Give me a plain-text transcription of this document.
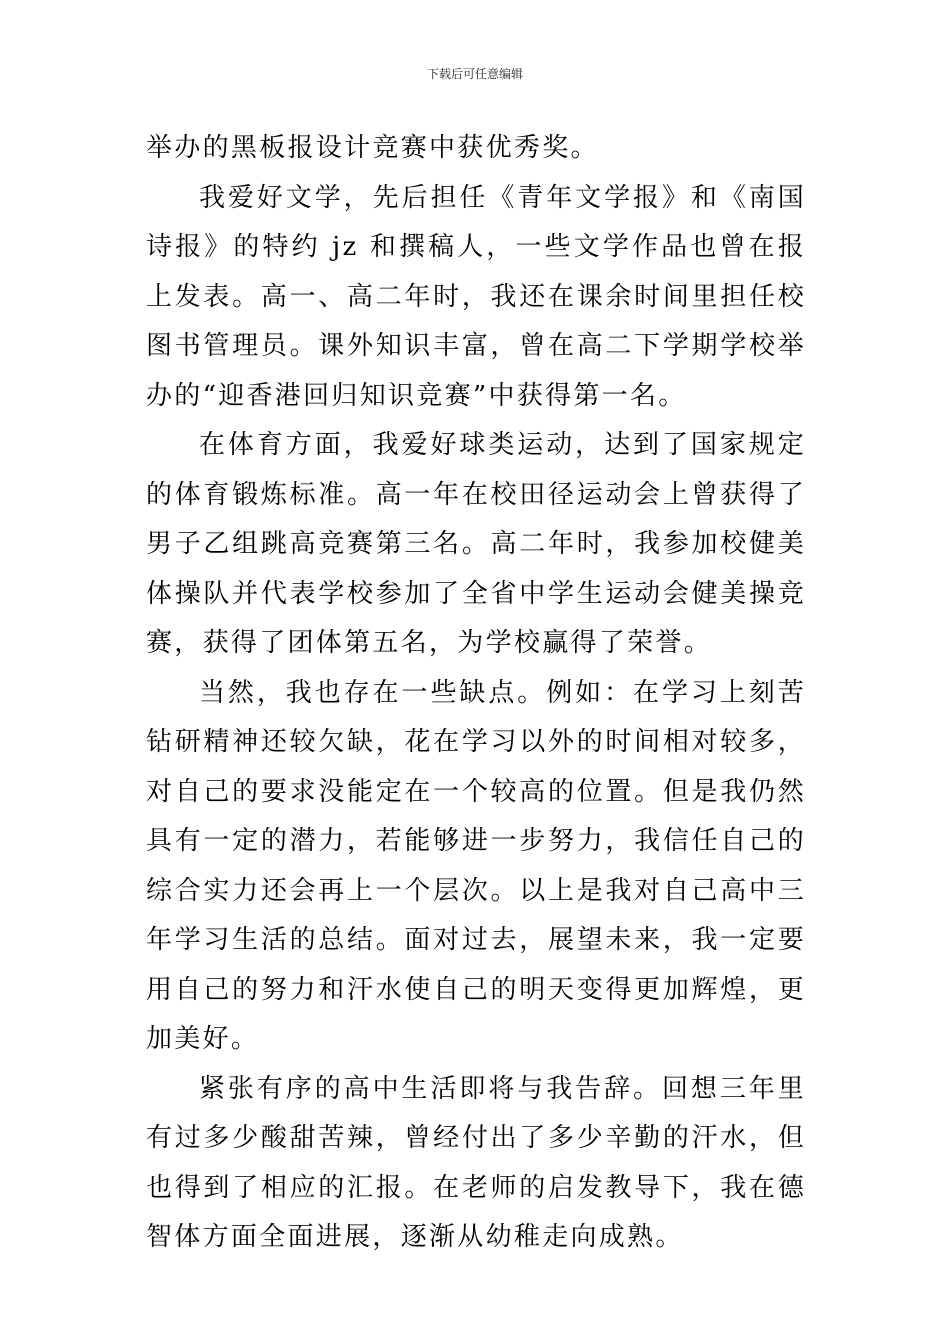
下载后可任意编辑

举办的黑板报设计竞赛中获优秀奖。

我爱好文学，先后担任《青年文学报》和《南国诗报》的特约 jz 和撰稿人，一些文学作品也曾在报上发表。高一、高二年时，我还在课余时间里担任校图书管理员。课外知识丰富，曾在高二下学期学校举办的“迎香港回归知识竞赛”中获得第一名。

在体育方面，我爱好球类运动，达到了国家规定的体育锻炼标准。高一年在校田径运动会上曾获得了男子乙组跳高竞赛第三名。高二年时，我参加校健美体操队并代表学校参加了全省中学生运动会健美操竞赛，获得了团体第五名，为学校赢得了荣誉。

当然，我也存在一些缺点。例如：在学习上刻苦钻研精神还较欠缺，花在学习以外的时间相对较多，对自己的要求没能定在一个较高的位置。但是我仍然具有一定的潜力，若能够进一步努力，我信任自己的综合实力还会再上一个层次。以上是我对自己高中三年学习生活的总结。面对过去，展望未来，我一定要用自己的努力和汗水使自己的明天变得更加辉煌，更加美好。

紧张有序的高中生活即将与我告辞。回想三年里有过多少酸甜苦辣，曾经付出了多少辛勤的汗水，但也得到了相应的汇报。在老师的启发教导下，我在德智体方面全面进展，逐渐从幼稚走向成熟。
